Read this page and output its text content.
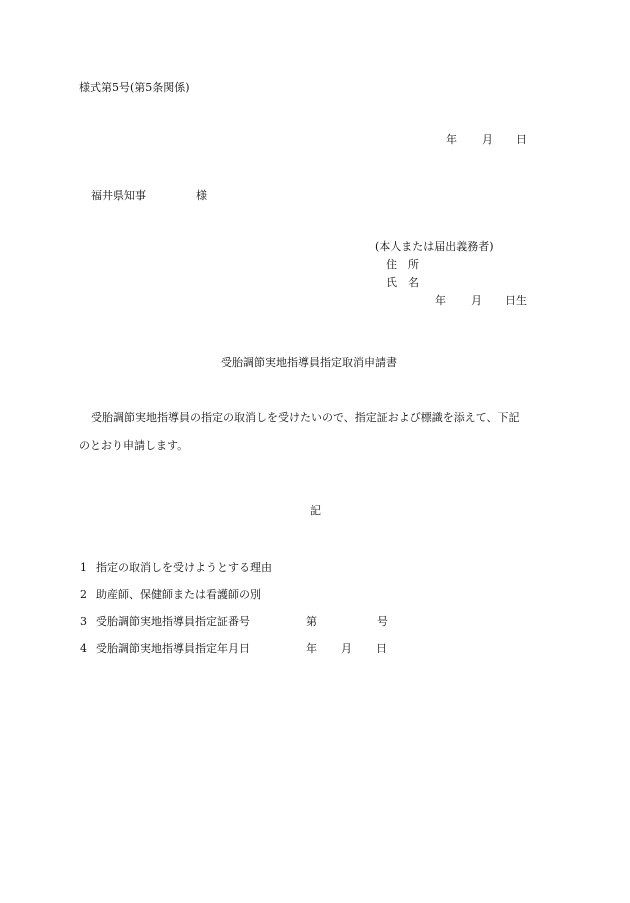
様式第5号(第5条関係)
年 月 日
福井県知事	様
(本人または届出義務者)
住　所
氏　名
年 月 日生
受胎調節実地指導員指定取消申請書
受胎調節実地指導員の指定の取消しを受けたいので、指定証および標識を添えて、下記
のとおり申請します。
記
1 指定の取消しを受けようとする理由
2 助産師、保健師または看護師の別
3 受胎調節実地指導員指定証番号	第	号
4 受胎調節実地指導員指定年月日	年 月 日
